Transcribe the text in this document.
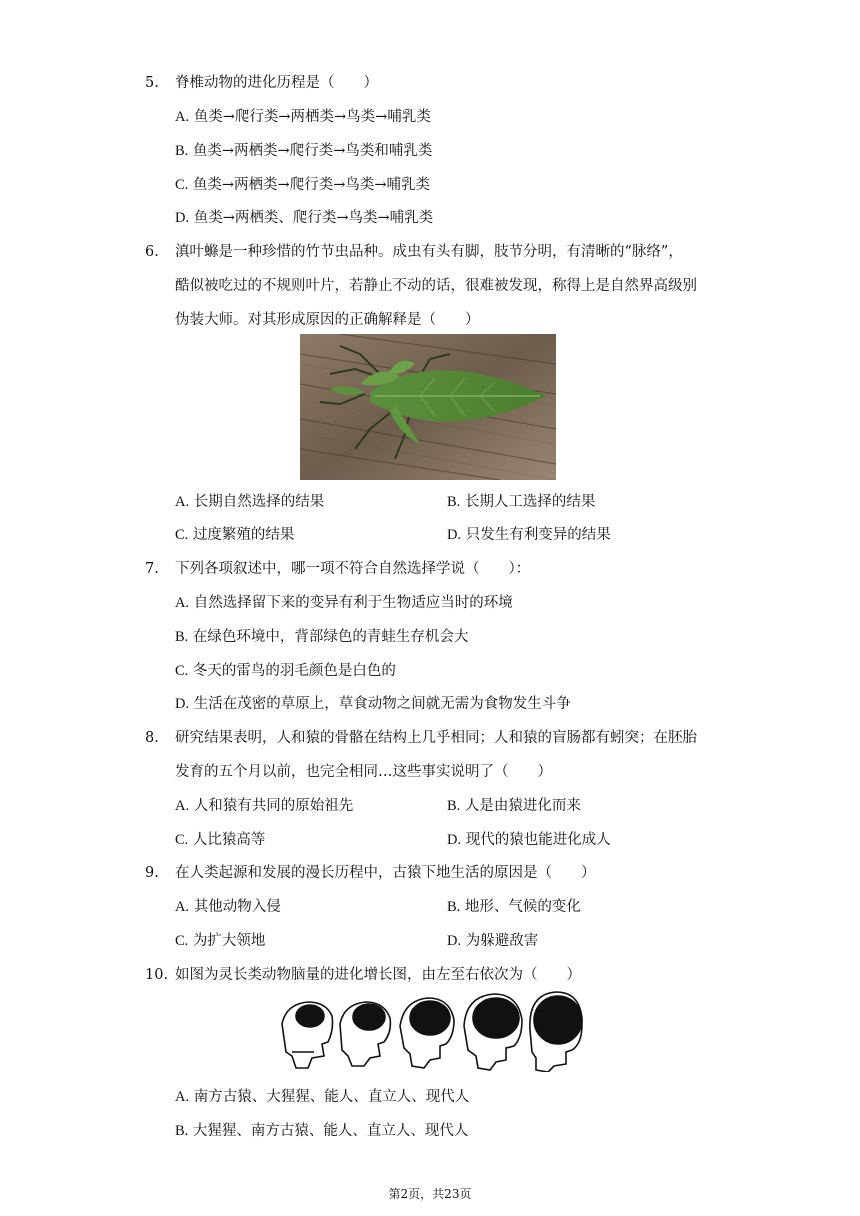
5. 脊椎动物的进化历程是（　　）
A. 鱼类→爬行类→两栖类→鸟类→哺乳类
B. 鱼类→两栖类→爬行类→鸟类和哺乳类
C. 鱼类→两栖类→爬行类→鸟类→哺乳类
D. 鱼类→两栖类、爬行类→鸟类→哺乳类
6. 滇叶螩是一种珍惜的竹节虫品种。成虫有头有脚，肢节分明，有清晰的“脉络”，
酷似被吃过的不规则叶片，若静止不动的话，很难被发现，称得上是自然界高级别
伪装大师。对其形成原因的正确解释是（　　）
A. 长期自然选择的结果	B. 长期人工选择的结果
C. 过度繁殖的结果	D. 只发生有利变异的结果
7. 下列各项叙述中，哪一项不符合自然选择学说（　　）：
A. 自然选择留下来的变异有利于生物适应当时的环境
B. 在绿色环境中，背部绿色的青蛙生存机会大
C. 冬天的雷鸟的羽毛颜色是白色的
D. 生活在茂密的草原上，草食动物之间就无需为食物发生斗争
8. 研究结果表明，人和猿的骨骼在结构上几乎相同；人和猿的盲肠都有蚓突；在胚胎
发育的五个月以前，也完全相同…这些事实说明了（　　）
A. 人和猿有共同的原始祖先	B. 人是由猿进化而来
C. 人比猿高等	D. 现代的猿也能进化成人
9. 在人类起源和发展的漫长历程中，古猿下地生活的原因是（　　）
A. 其他动物入侵	B. 地形、气候的变化
C. 为扩大领地	D. 为躲避敌害
10. 如图为灵长类动物脑量的进化增长图，由左至右依次为（　　）
A. 南方古猿、大猩猩、能人、直立人、现代人
B. 大猩猩、南方古猿、能人、直立人、现代人
第2页，共23页
